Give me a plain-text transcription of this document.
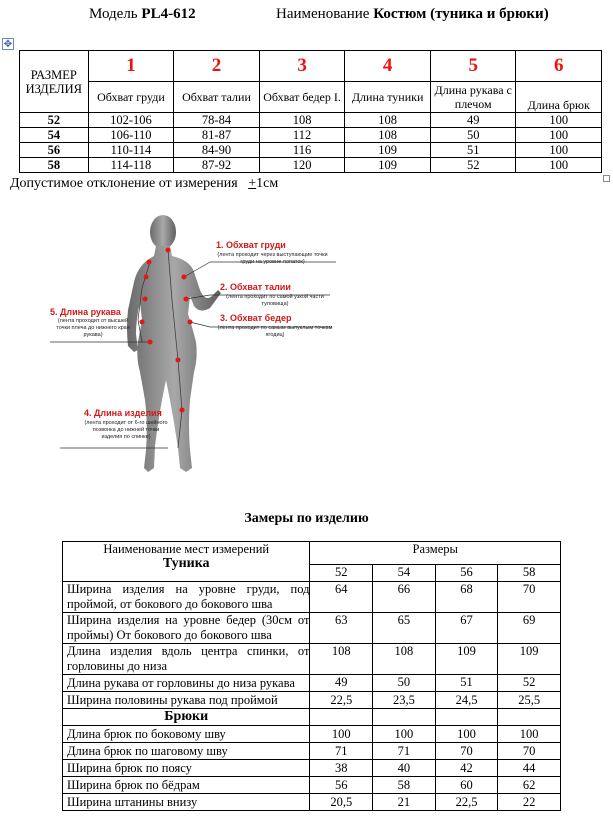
Модель PL4-612	Наименование Костюм (туника и брюки)
✥
РАЗМЕР ИЗДЕЛИЯ	1	2	3	4	5	6
	Обхват груди	Обхват талии	Обхват бедер I.	Длина туники	Длина рукава с плечом	Длина брюк
52	102-106	78-84	108	108	49	100
54	106-110	81-87	112	108	50	100
56	110-114	84-90	116	109	51	100
58	114-118	87-92	120	109	52	100
Допустимое отклонение от измерения +1см
1. Обхват груди
(лента проходит через выступающие точки груди на уровне лопаток)
2. Обхват талии
(лента проходит по самой узкой части туловища)
3. Обхват бедер
(лента проходит по самым выпуклым точкам ягодиц)
5. Длина рукава
(лента проходит от высшей точки плеча до нижнего края рукава)
4. Длина изделия
(лента проходит от 6-го шейного позвонка до нижней точки изделия по спинке)
Замеры по изделию
Наименование мест измерений
Туника	Размеры			
	52	54	56	58
Ширина изделия на уровне груди, под проймой, от бокового до бокового шва	64	66	68	70
Ширина изделия на уровне бедер (30см от проймы) От бокового до бокового шва	63	65	67	69
Длина изделия вдоль центра спинки, от горловины до низа	108	108	109	109
Длина рукава от горловины до низа рукава	49	50	51	52
Ширина половины рукава под проймой	22,5	23,5	24,5	25,5
Брюки				
Длина брюк по боковому шву	100	100	100	100
Длина брюк по шаговому шву	71	71	70	70
Ширина брюк по поясу	38	40	42	44
Ширина брюк по бёдрам	56	58	60	62
Ширина штанины внизу	20,5	21	22,5	22
